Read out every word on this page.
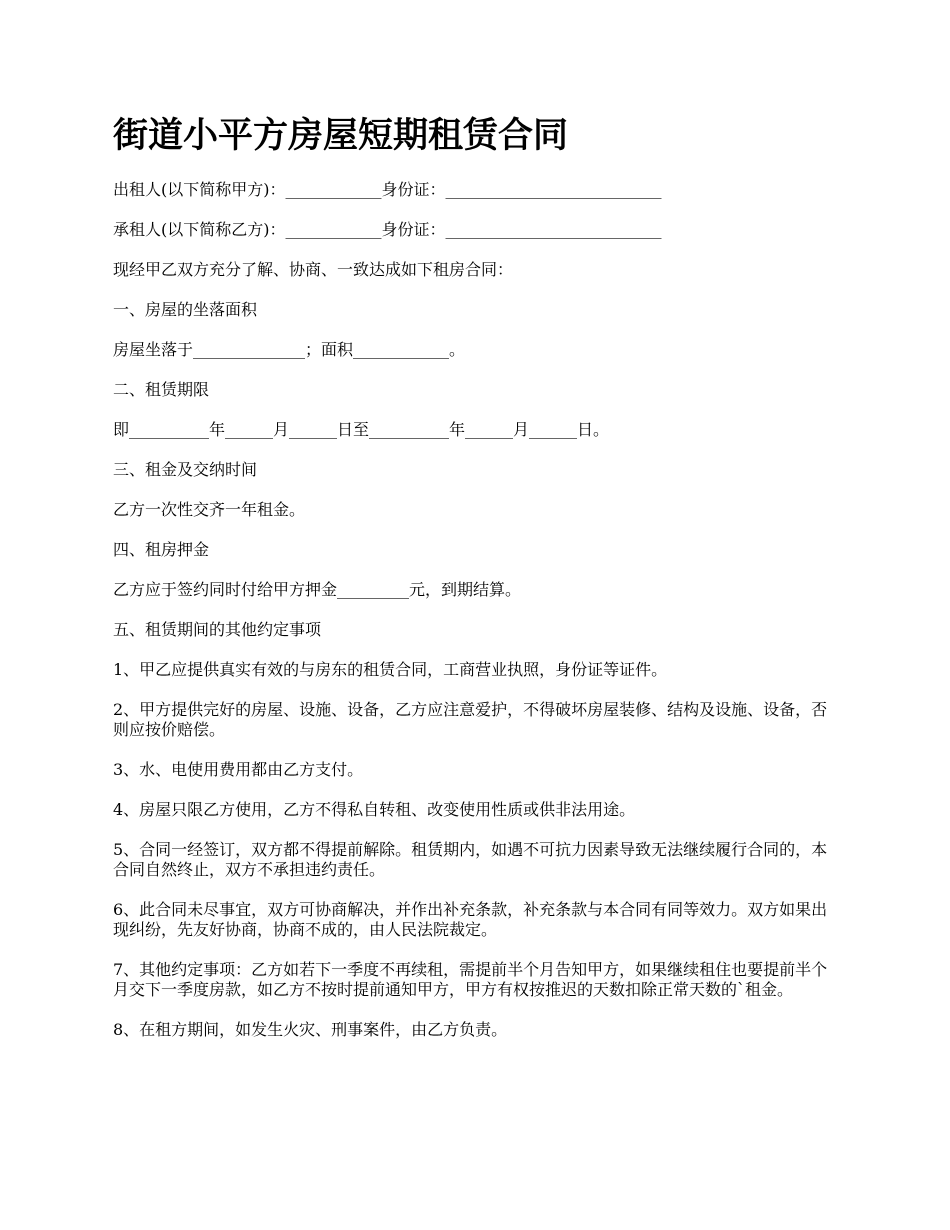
街道小平方房屋短期租赁合同

出租人(以下简称甲方)：____________身份证：___________________________

承租人(以下简称乙方)：____________身份证：___________________________

现经甲乙双方充分了解、协商、一致达成如下租房合同：

一、房屋的坐落面积

房屋坐落于______________；面积____________。

二、租赁期限

即__________年______月______日至__________年______月______日。

三、租金及交纳时间

乙方一次性交齐一年租金。

四、租房押金

乙方应于签约同时付给甲方押金_________元，到期结算。

五、租赁期间的其他约定事项

1、甲乙应提供真实有效的与房东的租赁合同，工商营业执照，身份证等证件。

2、甲方提供完好的房屋、设施、设备，乙方应注意爱护，不得破坏房屋装修、结构及设施、设备，否则应按价赔偿。

3、水、电使用费用都由乙方支付。

4、房屋只限乙方使用，乙方不得私自转租、改变使用性质或供非法用途。

5、合同一经签订，双方都不得提前解除。租赁期内，如遇不可抗力因素导致无法继续履行合同的，本合同自然终止，双方不承担违约责任。

6、此合同未尽事宜，双方可协商解决，并作出补充条款，补充条款与本合同有同等效力。双方如果出现纠纷，先友好协商，协商不成的，由人民法院裁定。

7、其他约定事项：乙方如若下一季度不再续租，需提前半个月告知甲方，如果继续租住也要提前半个月交下一季度房款，如乙方不按时提前通知甲方，甲方有权按推迟的天数扣除正常天数的`租金。

8、在租方期间，如发生火灾、刑事案件，由乙方负责。
